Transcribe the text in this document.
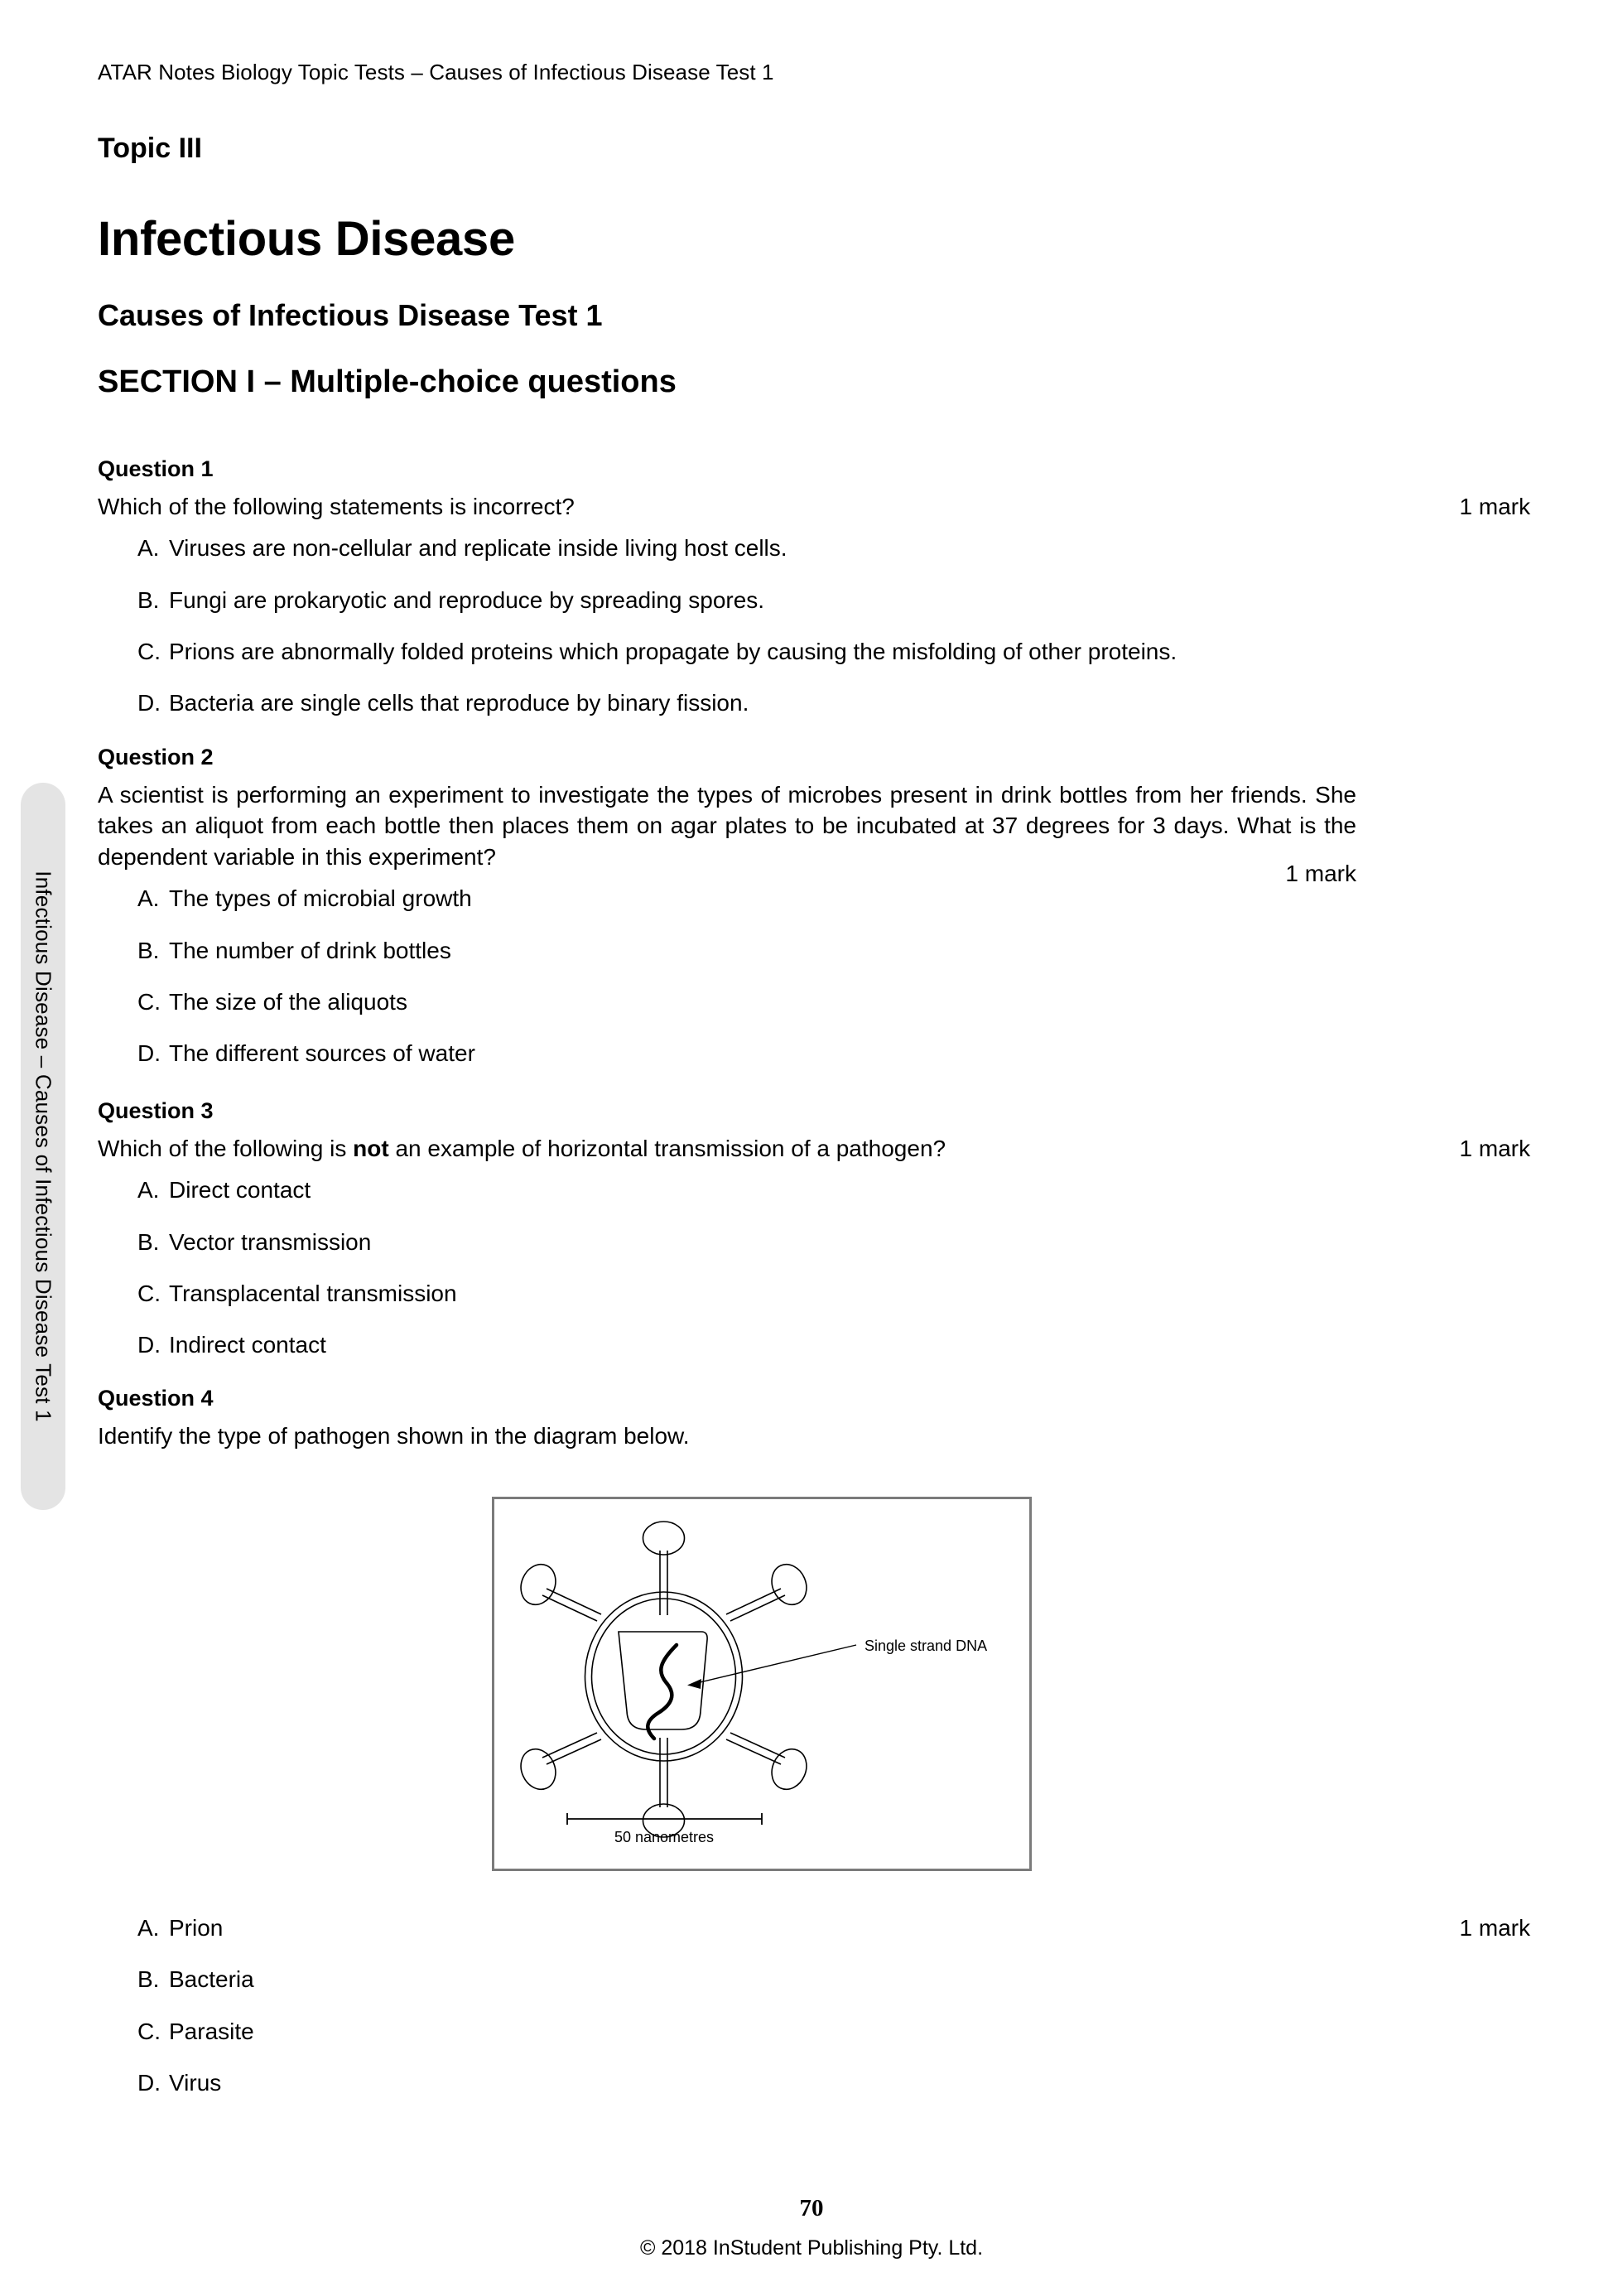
ATAR Notes Biology Topic Tests – Causes of Infectious Disease Test 1
Infectious Disease – Causes of Infectious Disease Test 1
Topic III
Infectious Disease
Causes of Infectious Disease Test 1
SECTION I – Multiple-choice questions

Question 1

Which of the following statements is incorrect?	1 mark

A. Viruses are non-cellular and replicate inside living host cells.
B. Fungi are prokaryotic and reproduce by spreading spores.
C. Prions are abnormally folded proteins which propagate by causing the misfolding of other proteins.
D. Bacteria are single cells that reproduce by binary fission.

Question 2

A scientist is performing an experiment to investigate the types of microbes present in drink bottles from her friends. She takes an aliquot from each bottle then places them on agar plates to be incubated at 37 degrees for 3 days. What is the dependent variable in this experiment?
1 mark

A. The types of microbial growth
B. The number of drink bottles
C. The size of the aliquots
D. The different sources of water

Question 3

Which of the following is not an example of horizontal transmission of a pathogen?	1 mark

A. Direct contact
B. Vector transmission
C. Transplacental transmission
D. Indirect contact

Question 4

Identify the type of pathogen shown in the diagram below.

Single strand DNA
50 nanometres
A. Prion	1 mark
B. Bacteria
C. Parasite
D. Virus
70
© 2018 InStudent Publishing Pty. Ltd.
